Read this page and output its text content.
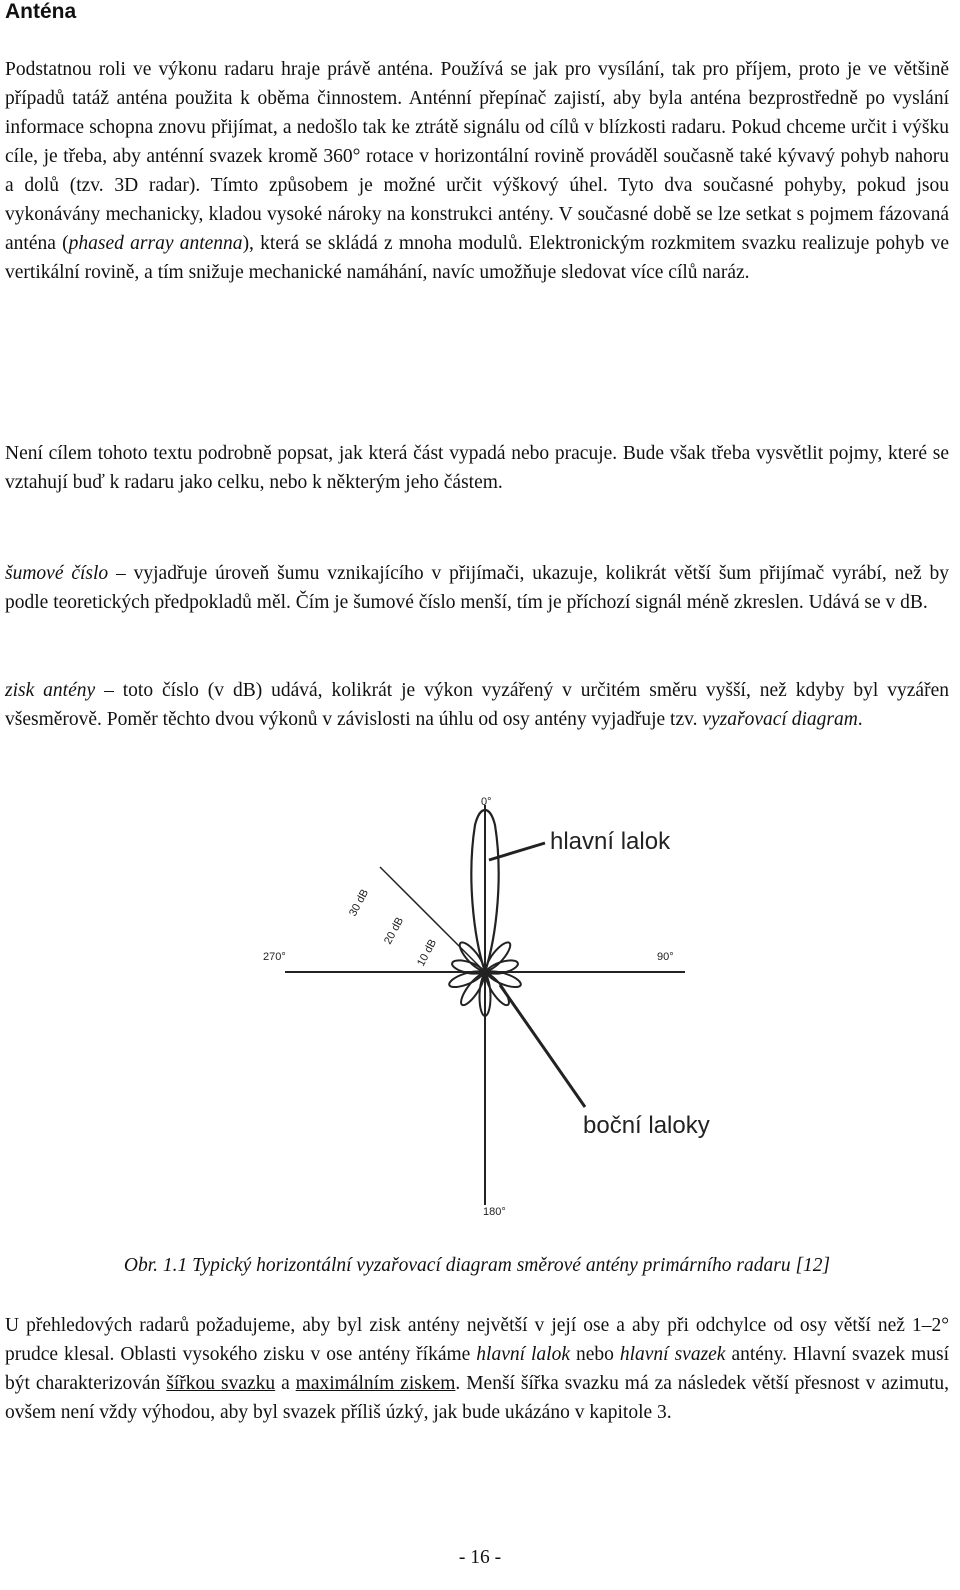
Anténa

Podstatnou roli ve výkonu radaru hraje právě anténa. Používá se jak pro vysílání, tak pro příjem, proto je ve většině případů tatáž anténa použita k oběma činnostem. Anténní přepínač zajistí, aby byla anténa bezprostředně po vyslání informace schopna znovu přijímat, a nedošlo tak ke ztrátě signálu od cílů v blízkosti radaru. Pokud chceme určit i výšku cíle, je třeba, aby anténní svazek kromě 360° rotace v horizontální rovině prováděl současně také kývavý pohyb nahoru a dolů (tzv. 3D radar). Tímto způsobem je možné určit výškový úhel. Tyto dva současné pohyby, pokud jsou vykonávány mechanicky, kladou vysoké nároky na konstrukci antény. V současné době se lze setkat s pojmem fázovaná anténa (phased array antenna), která se skládá z mnoha modulů. Elektronickým rozkmitem svazku realizuje pohyb ve vertikální rovině, a tím snižuje mechanické namáhání, navíc umožňuje sledovat více cílů naráz.

Není cílem tohoto textu podrobně popsat, jak která část vypadá nebo pracuje. Bude však třeba vysvětlit pojmy, které se vztahují buď k radaru jako celku, nebo k některým jeho částem.

šumové číslo – vyjadřuje úroveň šumu vznikajícího v přijímači, ukazuje, kolikrát větší šum přijímač vyrábí, než by podle teoretických předpokladů měl. Čím je šumové číslo menší, tím je příchozí signál méně zkreslen. Udává se v dB.

zisk antény – toto číslo (v dB) udává, kolikrát je výkon vyzářený v určitém směru vyšší, než kdyby byl vyzářen všesměrově. Poměr těchto dvou výkonů v závislosti na úhlu od osy antény vyjadřuje tzv. vyzařovací diagram.

0°
90°
180°
270°
30 dB
20 dB
10 dB
hlavní lalok
boční laloky
Obr. 1.1 Typický horizontální vyzařovací diagram směrové antény primárního radaru [12]

U přehledových radarů požadujeme, aby byl zisk antény největší v její ose a aby při odchylce od osy větší než 1–2° prudce klesal. Oblasti vysokého zisku v ose antény říkáme hlavní lalok nebo hlavní svazek antény. Hlavní svazek musí být charakterizován šířkou svazku a maximálním ziskem. Menší šířka svazku má za následek větší přesnost v azimutu, ovšem není vždy výhodou, aby byl svazek příliš úzký, jak bude ukázáno v kapitole 3.

- 16 -
